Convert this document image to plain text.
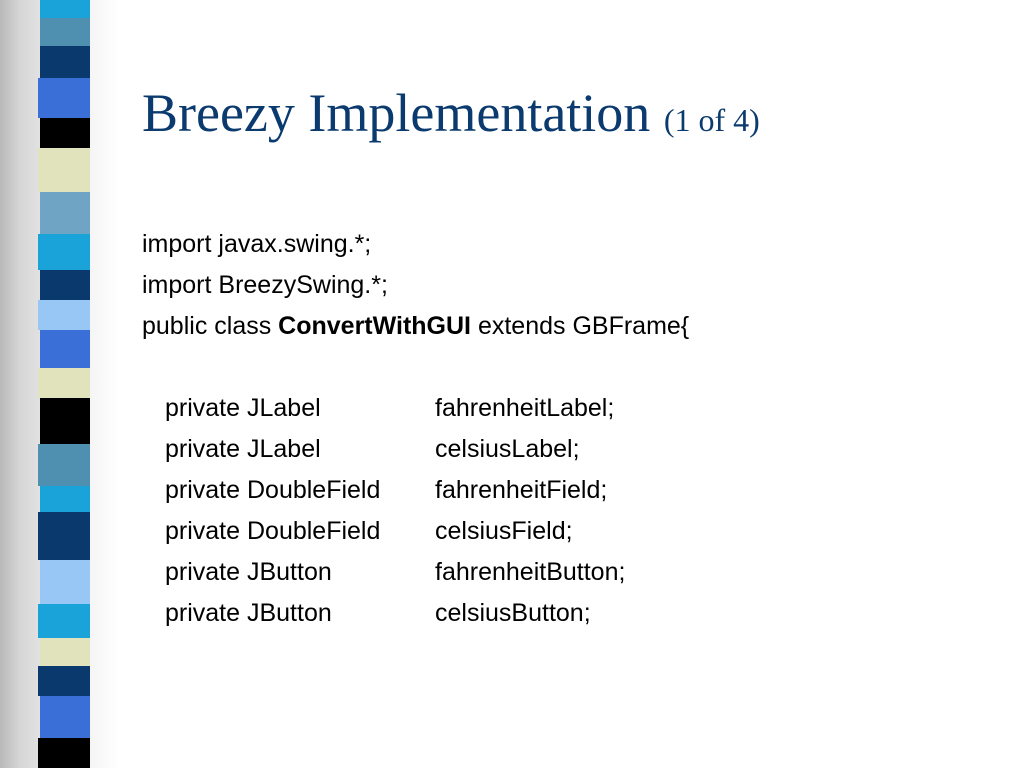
Breezy Implementation (1 of 4)
import javax.swing.*;
import BreezySwing.*;
public class ConvertWithGUI extends GBFrame{
private JLabel	fahrenheitLabel;
private JLabel	celsiusLabel;
private DoubleField	fahrenheitField;
private DoubleField	celsiusField;
private JButton	fahrenheitButton;
private JButton	celsiusButton;
